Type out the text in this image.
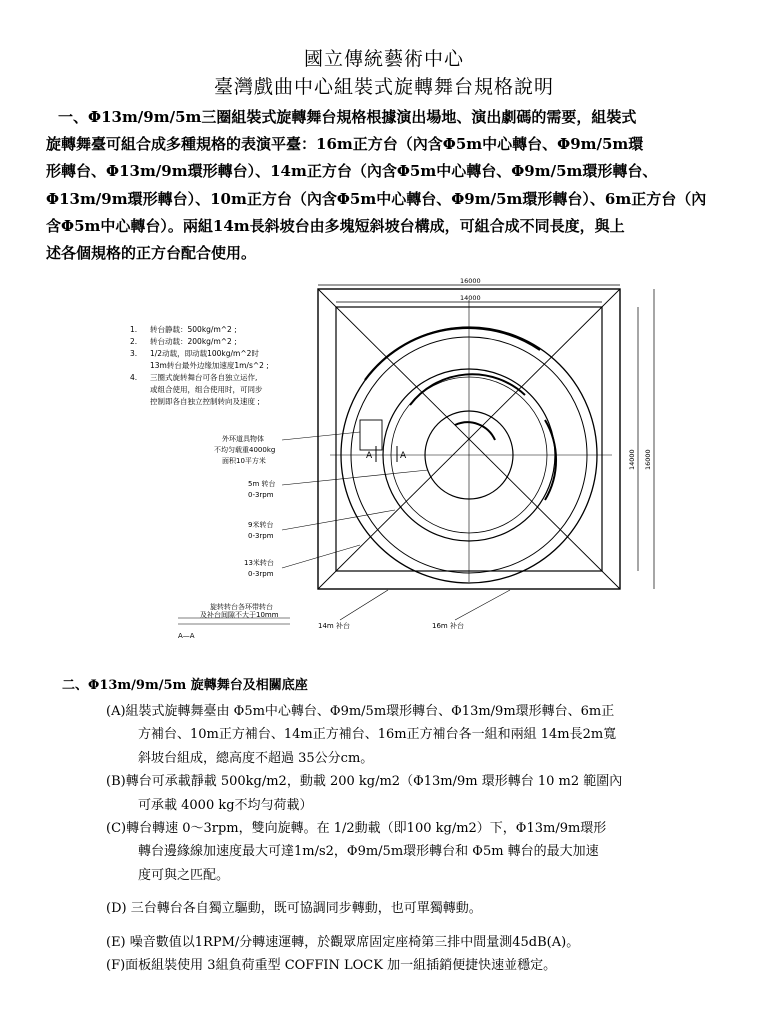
國立傳統藝術中心
臺灣戲曲中心組裝式旋轉舞台規格說明

一、Φ13m/9m/5m三圈組裝式旋轉舞台規格根據演出場地、演出劇碼的需要，組裝式

旋轉舞臺可組合成多種規格的表演平臺：16m正方台（內含Φ5m中心轉台、Φ9m/5m環

形轉台、Φ13m/9m環形轉台）、14m正方台（內含Φ5m中心轉台、Φ9m/5m環形轉台、

Φ13m/9m環形轉台）、10m正方台（內含Φ5m中心轉台、Φ9m/5m環形轉台）、6m正方台（內

含Φ5m中心轉台）。兩組14m長斜坡台由多塊短斜坡台構成，可組合成不同長度，與上

述各個規格的正方台配合使用。

1. 转台静载：500kg/m^2 ;
2. 转台动载：200kg/m^2 ;
3. 1/2动载，即动载100kg/m^2时
13m转台最外边缘加速度1m/s^2 ;
4. 三圈式旋转舞台可各自独立运作,
或组合使用，组合使用时，可同步
控制即各自独立控制转向及速度 ;
16000
14000
14000 16000
A	A
外环道具物体
不均匀载重4000kg
面积10平方米
5m 转台
0-3rpm
9米转台
0-3rpm
13米转台
0-3rpm
旋转转台各环带转台
及补台间隙不大于10mm
A—A
14m 补台	16m 补台
二、Φ13m/9m/5m 旋轉舞台及相關底座

(A)組裝式旋轉舞臺由 Φ5m中心轉台、Φ9m/5m環形轉台、Φ13m/9m環形轉台、6m正

方補台、10m正方補台、14m正方補台、16m正方補台各一組和兩組 14m長2m寬

斜坡台組成，總高度不超過 35公分cm。

(B)轉台可承載靜載 500kg/m2，動載 200 kg/m2（Φ13m/9m 環形轉台 10 m2 範圍內

可承載 4000 kg不均勻荷載）

(C)轉台轉速 0～3rpm，雙向旋轉。在 1/2動載（即100 kg/m2）下，Φ13m/9m環形

轉台邊緣線加速度最大可達1m/s2，Φ9m/5m環形轉台和 Φ5m 轉台的最大加速

度可與之匹配。

(D) 三台轉台各自獨立驅動，既可協調同步轉動，也可單獨轉動。

(E) 噪音數值以1RPM/分轉速運轉，於觀眾席固定座椅第三排中間量測45dB(A)。

(F)面板組裝使用 3組負荷重型 COFFIN LOCK 加一組插銷便捷快速並穩定。
